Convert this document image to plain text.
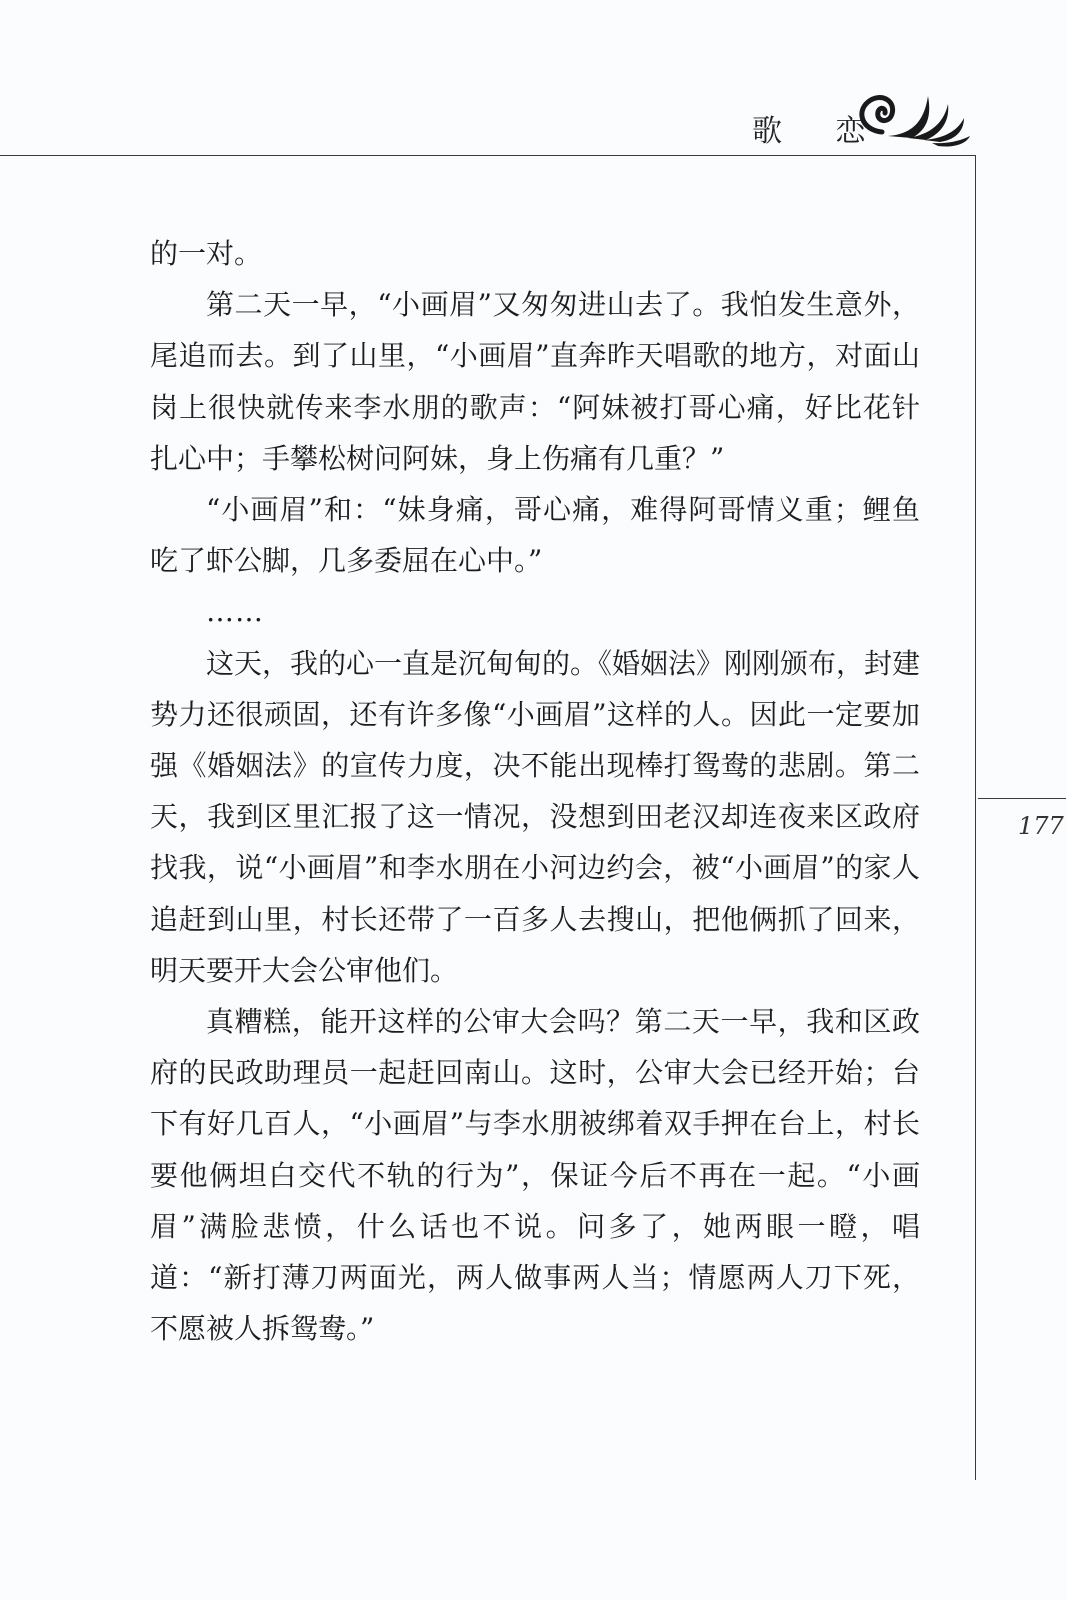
歌 恋
177

的一对。

第二天一早，“小画眉”又匆匆进山去了。我怕发生意外，尾追而去。到了山里，“小画眉”直奔昨天唱歌的地方，对面山岗上很快就传来李水朋的歌声：“阿妹被打哥心痛，好比花针扎心中；手攀松树问阿妹，身上伤痛有几重？”

“小画眉”和：“妹身痛，哥心痛，难得阿哥情义重；鲤鱼吃了虾公脚，几多委屈在心中。”

……

这天，我的心一直是沉甸甸的。《婚姻法》刚刚颁布，封建势力还很顽固，还有许多像“小画眉”这样的人。因此一定要加强《婚姻法》的宣传力度，决不能出现棒打鸳鸯的悲剧。第二天，我到区里汇报了这一情况，没想到田老汉却连夜来区政府找我，说“小画眉”和李水朋在小河边约会，被“小画眉”的家人追赶到山里，村长还带了一百多人去搜山，把他俩抓了回来，明天要开大会公审他们。

真糟糕，能开这样的公审大会吗？第二天一早，我和区政府的民政助理员一起赶回南山。这时，公审大会已经开始；台下有好几百人，“小画眉”与李水朋被绑着双手押在台上，村长要他俩坦白交代不轨的行为”，保证今后不再在一起。“小画眉”满脸悲愤，什么话也不说。问多了，她两眼一瞪，唱道：“新打薄刀两面光，两人做事两人当；情愿两人刀下死，不愿被人拆鸳鸯。”
